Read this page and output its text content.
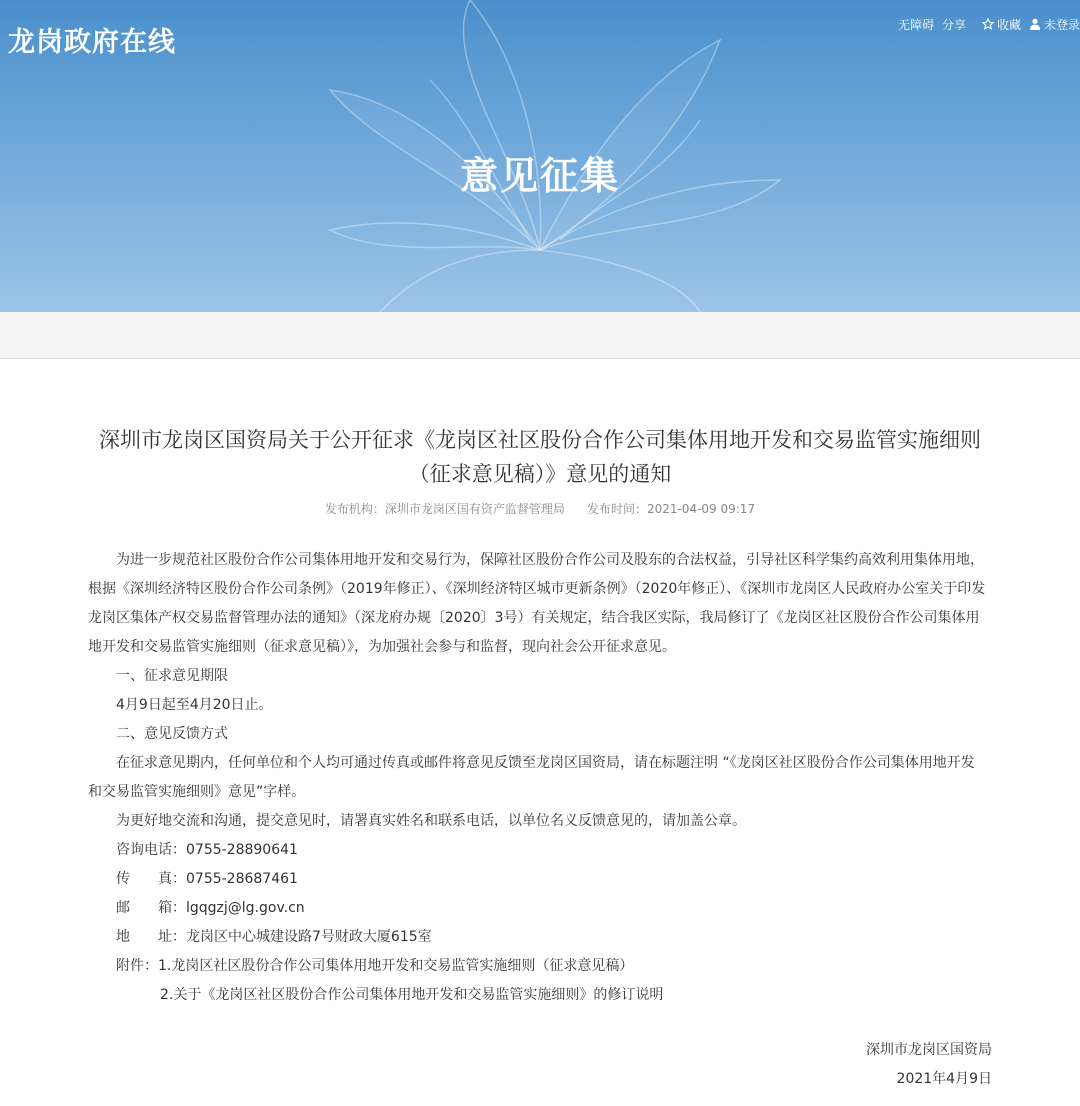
龙岗政府在线
无障碍 分享	收藏	未登录
意见征集
深圳市龙岗区国资局关于公开征求《龙岗区社区股份合作公司集体用地开发和交易监管实施细则（征求意见稿）》意见的通知
发布机构：深圳市龙岗区国有资产监督管理局 发布时间：2021-04-09 09:17

为进一步规范社区股份合作公司集体用地开发和交易行为，保障社区股份合作公司及股东的合法权益，引导社区科学集约高效利用集体用地，根据《深圳经济特区股份合作公司条例》（2019年修正）、《深圳经济特区城市更新条例》（2020年修正）、《深圳市龙岗区人民政府办公室关于印发龙岗区集体产权交易监督管理办法的通知》（深龙府办规〔2020〕3号）有关规定，结合我区实际，我局修订了《龙岗区社区股份合作公司集体用地开发和交易监管实施细则（征求意见稿）》，为加强社会参与和监督，现向社会公开征求意见。

一、征求意见期限

4月9日起至4月20日止。

二、意见反馈方式

在征求意见期内，任何单位和个人均可通过传真或邮件将意见反馈至龙岗区国资局，请在标题注明 “《龙岗区社区股份合作公司集体用地开发和交易监管实施细则》意见”字样。

为更好地交流和沟通，提交意见时，请署真实姓名和联系电话，以单位名义反馈意见的，请加盖公章。

咨询电话：0755-28890641

传　　真：0755-28687461

邮　　箱：lgqgzj@lg.gov.cn

地　　址：龙岗区中心城建设路7号财政大厦615室

附件：1.龙岗区社区股份合作公司集体用地开发和交易监管实施细则（征求意见稿）

2.关于《龙岗区社区股份合作公司集体用地开发和交易监管实施细则》的修订说明

深圳市龙岗区国资局
2021年4月9日
